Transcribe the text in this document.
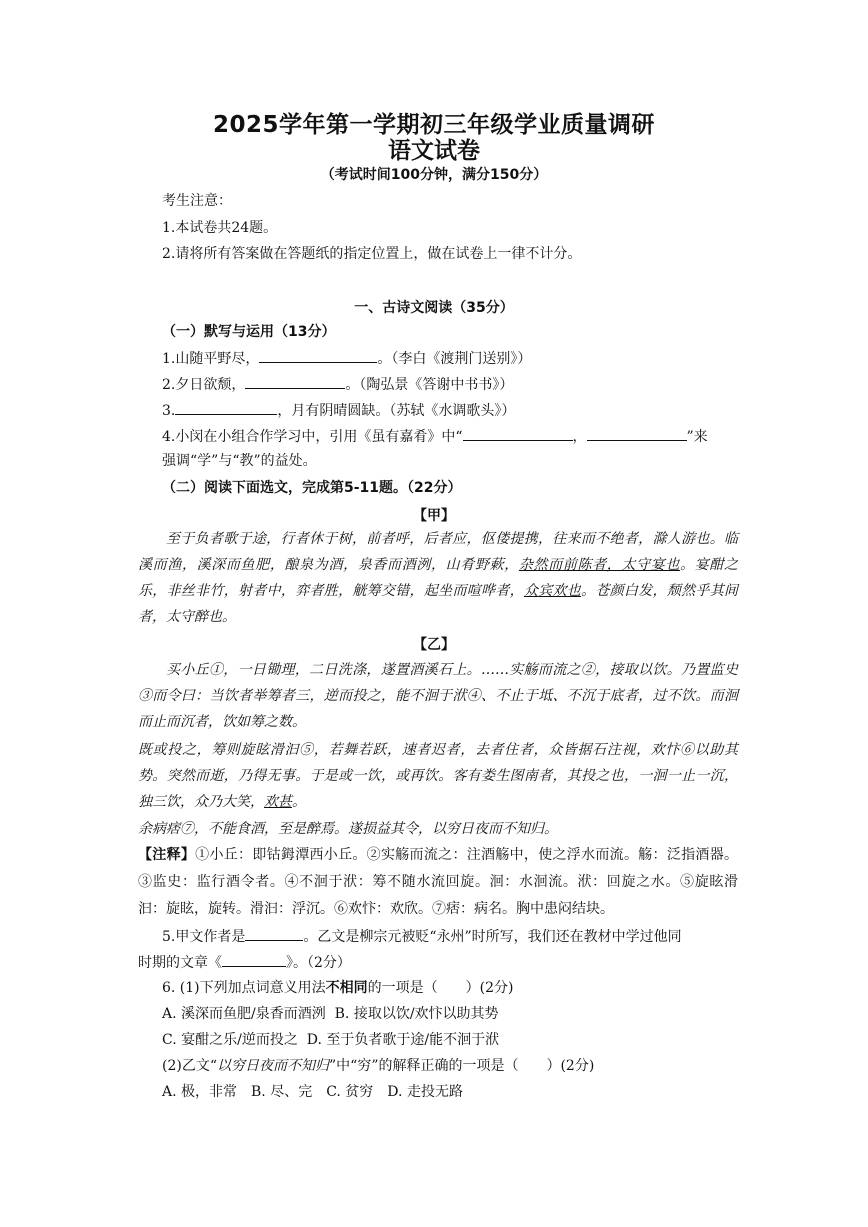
2025学年第一学期初三年级学业质量调研
语文试卷
（考试时间100分钟，满分150分）
考生注意：
1.本试卷共24题。
2.请将所有答案做在答题纸的指定位置上，做在试卷上一律不计分。
一、古诗文阅读（35分）
（一）默写与运用（13分）
1.山随平野尽，	。（李白《渡荆门送别》）
2.夕日欲颓，	。（陶弘景《答谢中书书》）
3.	，月有阴晴圆缺。（苏轼《水调歌头》）
4.小闵在小组合作学习中，引用《虽有嘉肴》中“	，	”来
强调“学”与“教”的益处。
（二）阅读下面选文，完成第5-11题。（22分）
【甲】
至于负者歌于途，行者休于树，前者呼，后者应，伛偻提携，往来而不绝者，滁人游也。临溪而渔，溪深而鱼肥，酿泉为酒，泉香而酒洌，山肴野蔌，杂然而前陈者，太守宴也。宴酣之乐，非丝非竹，射者中，弈者胜，觥筹交错，起坐而喧哗者，众宾欢也。苍颜白发，颓然乎其间者，太守醉也。
【乙】
买小丘①，一日锄理，二日洗涤，遂置酒溪石上。……实觞而流之②，接取以饮。乃置监史③而令曰：当饮者举筹者三，逆而投之，能不洄于洑④、不止于坻、不沉于底者，过不饮。而洄而止而沉者，饮如筹之数。
既或投之，筹则旋眩滑汩⑤，若舞若跃，速者迟者，去者住者，众皆据石注视，欢忭⑥以助其势。突然而逝，乃得无事。于是或一饮，或再饮。客有娄生图南者，其投之也，一洄一止一沉，独三饮，众乃大笑，欢甚。
余病痞⑦，不能食酒，至是醉焉。遂损益其令，以穷日夜而不知归。
【注释】①小丘：即钴鉧潭西小丘。②实觞而流之：注酒觞中，使之浮水而流。觞：泛指酒器。③监史：监行酒令者。④不洄于洑：筹不随水流回旋。洄：水洄流。洑：回旋之水。⑤旋眩滑汩：旋眩，旋转。滑汩：浮沉。⑥欢忭：欢欣。⑦痞：病名。胸中患闷结块。
5.甲文作者是	。乙文是柳宗元被贬“永州”时所写，我们还在教材中学过他同
时期的文章《	》。（2分）
6. (1)下列加点词意义用法不相同的一项是（　　）(2分)
A. 溪深而鱼肥/泉香而酒洌 B. 接取以饮/欢忭以助其势
C. 宴酣之乐/逆而投之 D. 至于负者歌于途/能不洄于洑
(2)乙文“以穷日夜而不知归”中“穷”的解释正确的一项是（　　）(2分)
A. 极，非常　B. 尽、完　C. 贫穷　D. 走投无路
